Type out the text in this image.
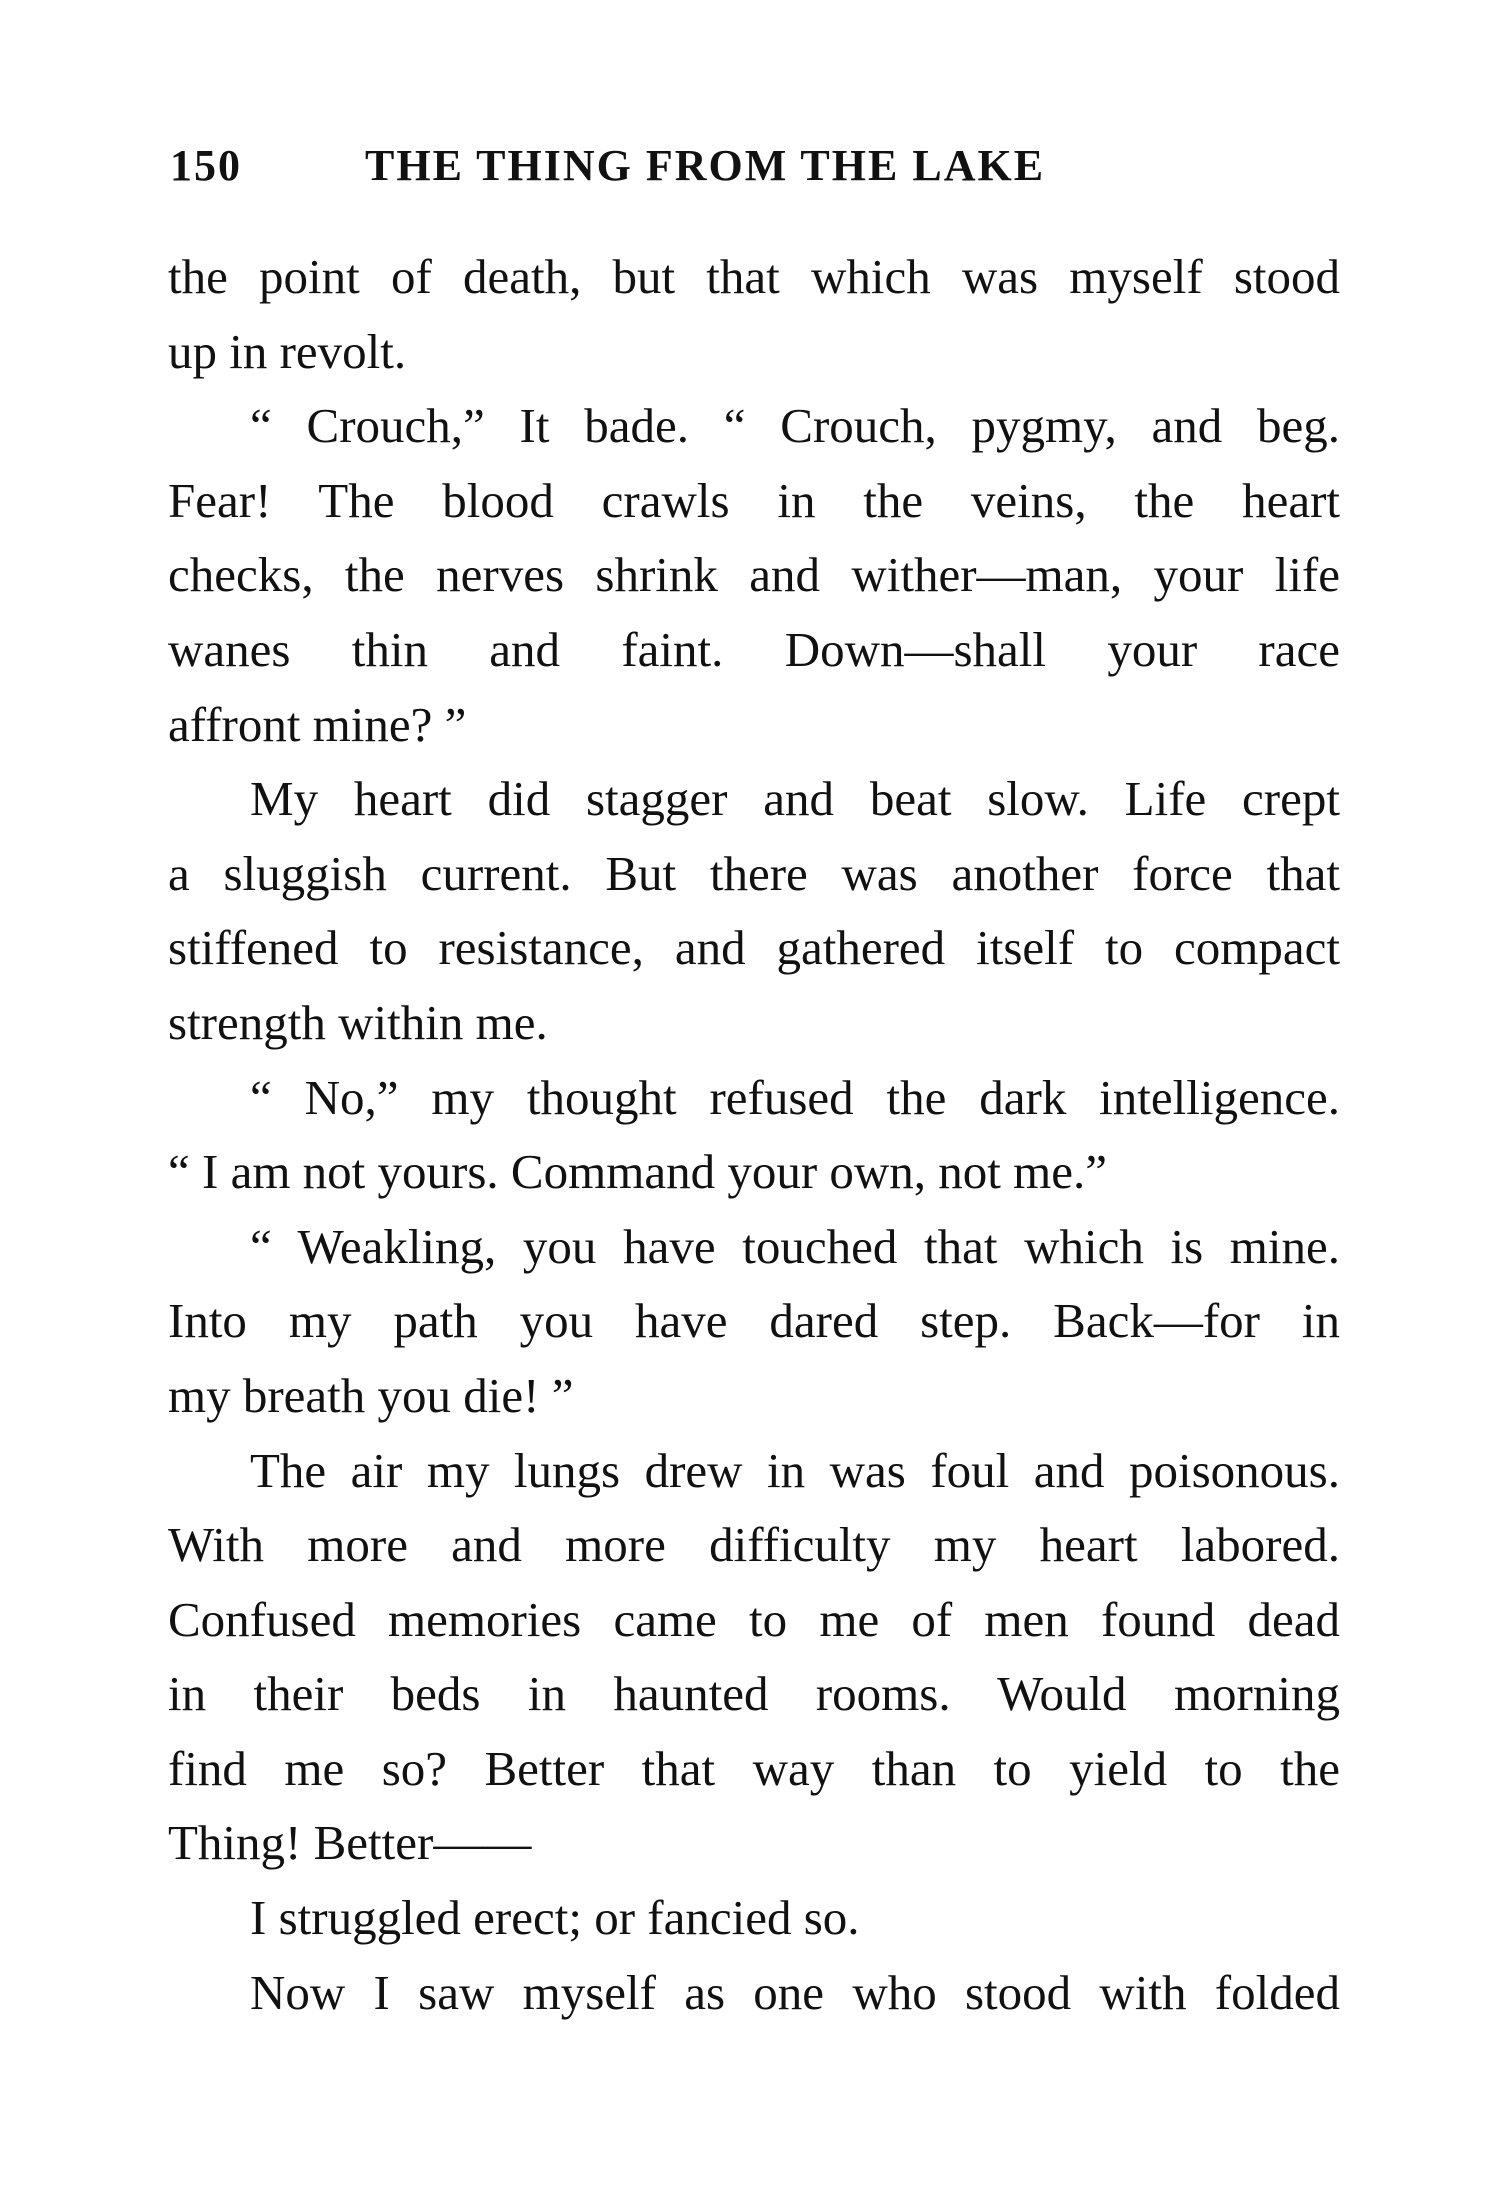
150	THE THING FROM THE LAKE
the point of death, but that which was myself stood
up in revolt.
“ Crouch,” It bade. “ Crouch, pygmy, and beg.
Fear! The blood crawls in the veins, the heart
checks, the nerves shrink and wither—man, your life
wanes thin and faint. Down—shall your race
affront mine? ”
My heart did stagger and beat slow. Life crept
a sluggish current. But there was another force that
stiffened to resistance, and gathered itself to compact
strength within me.
“ No,” my thought refused the dark intelligence.
“ I am not yours. Command your own, not me.”
“ Weakling, you have touched that which is mine.
Into my path you have dared step. Back—for in
my breath you die! ”
The air my lungs drew in was foul and poisonous.
With more and more difficulty my heart labored.
Confused memories came to me of men found dead
in their beds in haunted rooms. Would morning
find me so? Better that way than to yield to the
Thing! Better——
I struggled erect; or fancied so.
Now I saw myself as one who stood with folded
